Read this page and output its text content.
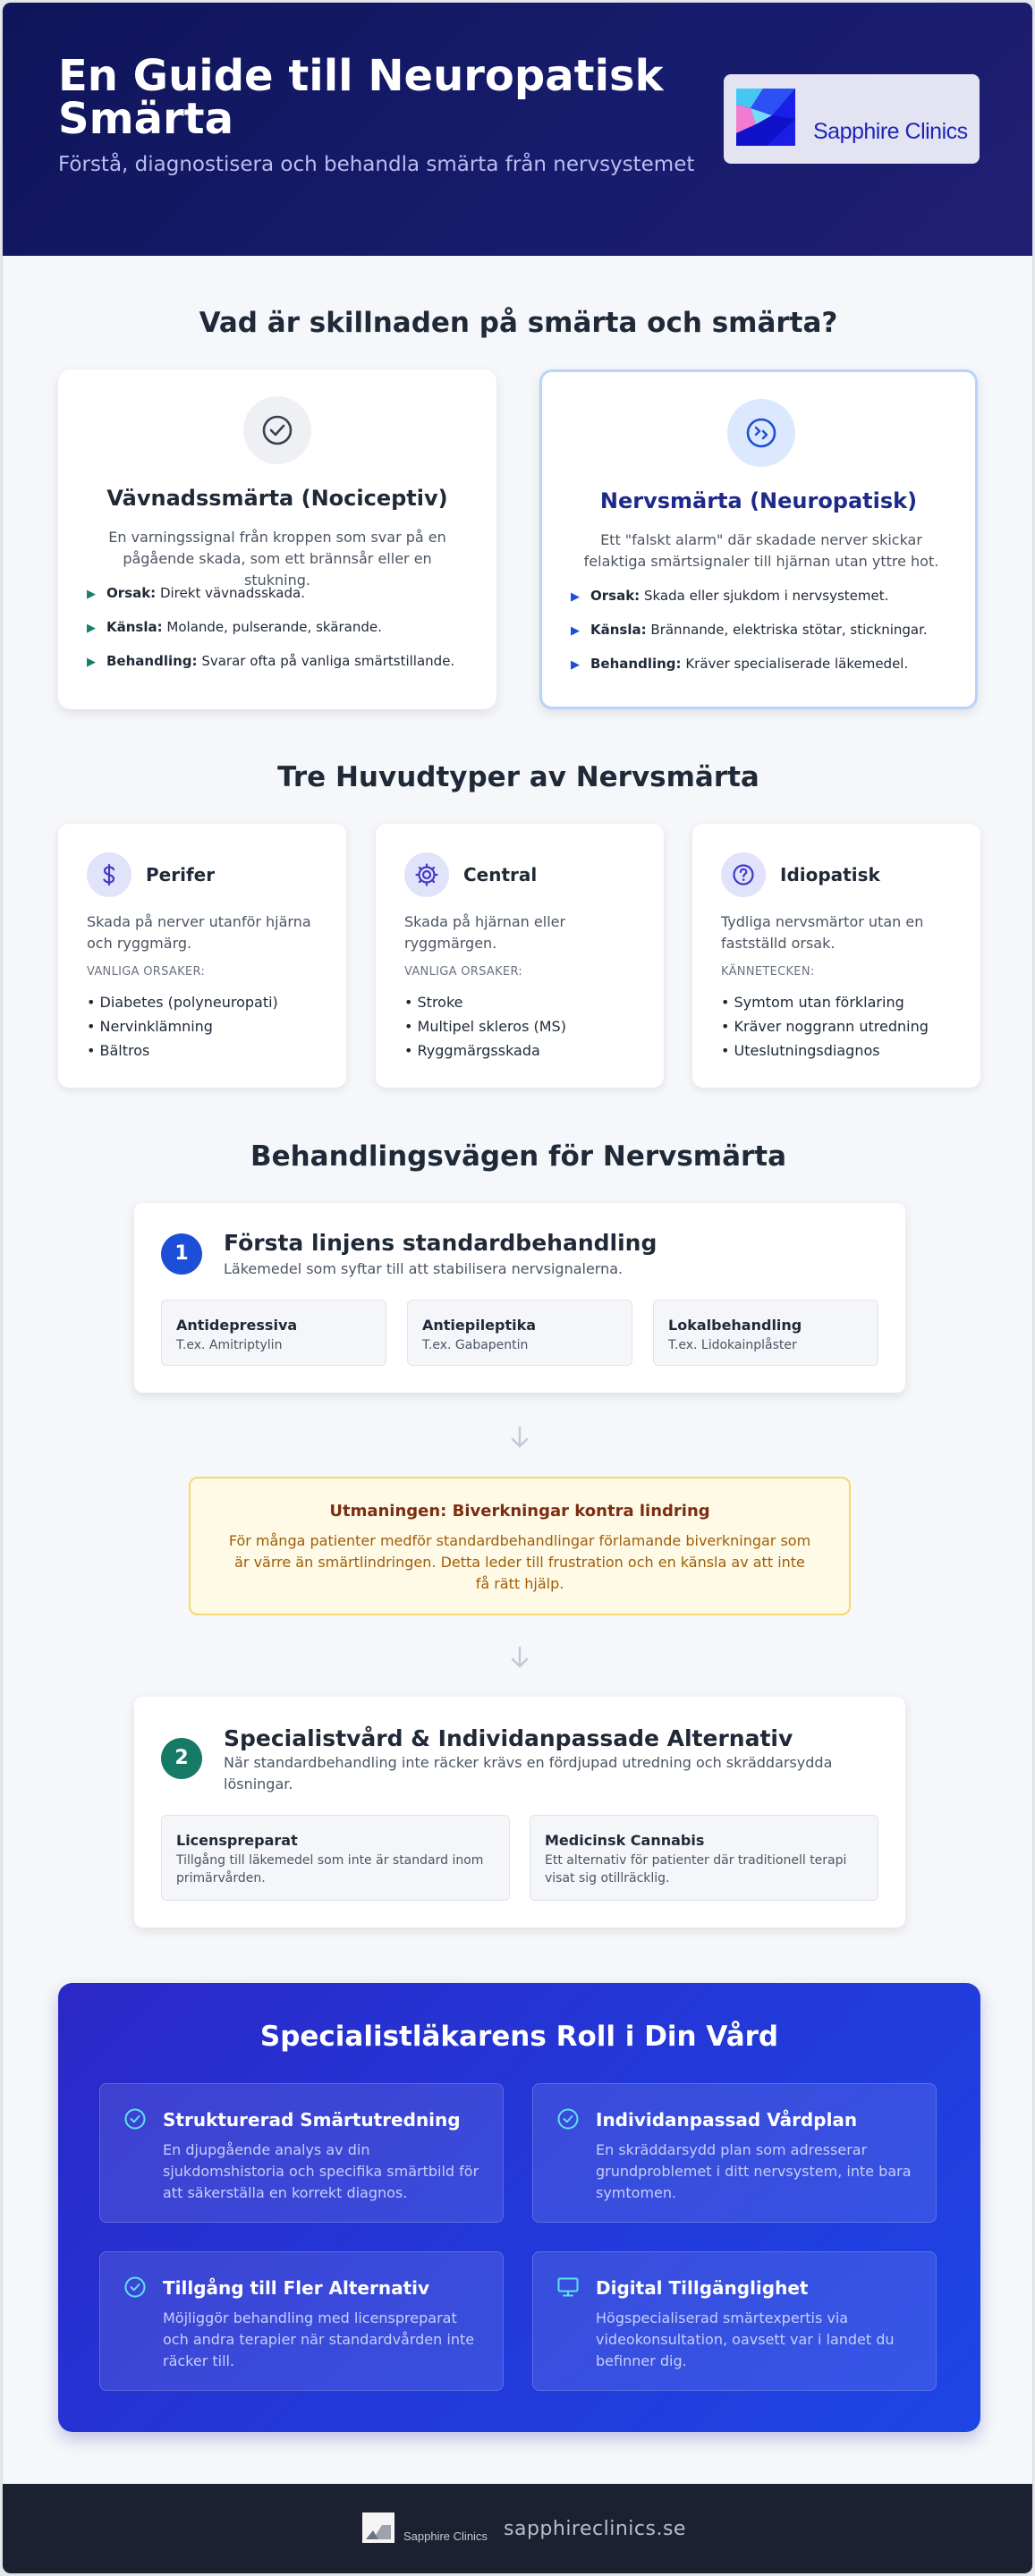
En Guide till Neuropatisk Smärta
Förstå, diagnostisera och behandla smärta från nervsystemet
Sapphire Clinics
Vad är skillnaden på smärta och smärta?
Vävnadssmärta (Nociceptiv)
En varningssignal från kroppen som svar på en pågående skada, som ett brännsår eller en stukning.
▶ Orsak: Direkt vävnadsskada.
▶ Känsla: Molande, pulserande, skärande.
▶ Behandling: Svarar ofta på vanliga smärtstillande.
Nervsmärta (Neuropatisk)
Ett "falskt alarm" där skadade nerver skickar felaktiga smärtsignaler till hjärnan utan yttre hot.
▶ Orsak: Skada eller sjukdom i nervsystemet.
▶ Känsla: Brännande, elektriska stötar, stickningar.
▶ Behandling: Kräver specialiserade läkemedel.
Tre Huvudtyper av Nervsmärta
Perifer
Skada på nerver utanför hjärna och ryggmärg.
VANLIGA ORSAKER:
• Diabetes (polyneuropati)
• Nervinklämning
• Bältros
Central
Skada på hjärnan eller ryggmärgen.
VANLIGA ORSAKER:
• Stroke
• Multipel skleros (MS)
• Ryggmärgsskada
Idiopatisk
Tydliga nervsmärtor utan en fastställd orsak.
KÄNNETECKEN:
• Symtom utan förklaring
• Kräver noggrann utredning
• Uteslutningsdiagnos
Behandlingsvägen för Nervsmärta
1	Första linjens standardbehandling
Läkemedel som syftar till att stabilisera nervsignalerna.
Antidepressiva
T.ex. Amitriptylin
Antiepileptika
T.ex. Gabapentin
Lokalbehandling
T.ex. Lidokainplåster
Utmaningen: Biverkningar kontra lindring
För många patienter medför standardbehandlingar förlamande biverkningar som är värre än smärtlindringen. Detta leder till frustration och en känsla av att inte få rätt hjälp.
2
Specialistvård & Individanpassade Alternativ
När standardbehandling inte räcker krävs en fördjupad utredning och skräddarsydda lösningar.
Licenspreparat
Tillgång till läkemedel som inte är standard inom primärvården.
Medicinsk Cannabis
Ett alternativ för patienter där traditionell terapi visat sig otillräcklig.
Specialistläkarens Roll i Din Vård
Strukturerad Smärtutredning
En djupgående analys av din sjukdomshistoria och specifika smärtbild för att säkerställa en korrekt diagnos.
Individanpassad Vårdplan
En skräddarsydd plan som adresserar grundproblemet i ditt nervsystem, inte bara symtomen.
Tillgång till Fler Alternativ
Möjliggör behandling med licenspreparat och andra terapier när standardvården inte räcker till.
Digital Tillgänglighet
Högspecialiserad smärtexpertis via videokonsultation, oavsett var i landet du befinner dig.
Sapphire Clinics sapphireclinics.se
